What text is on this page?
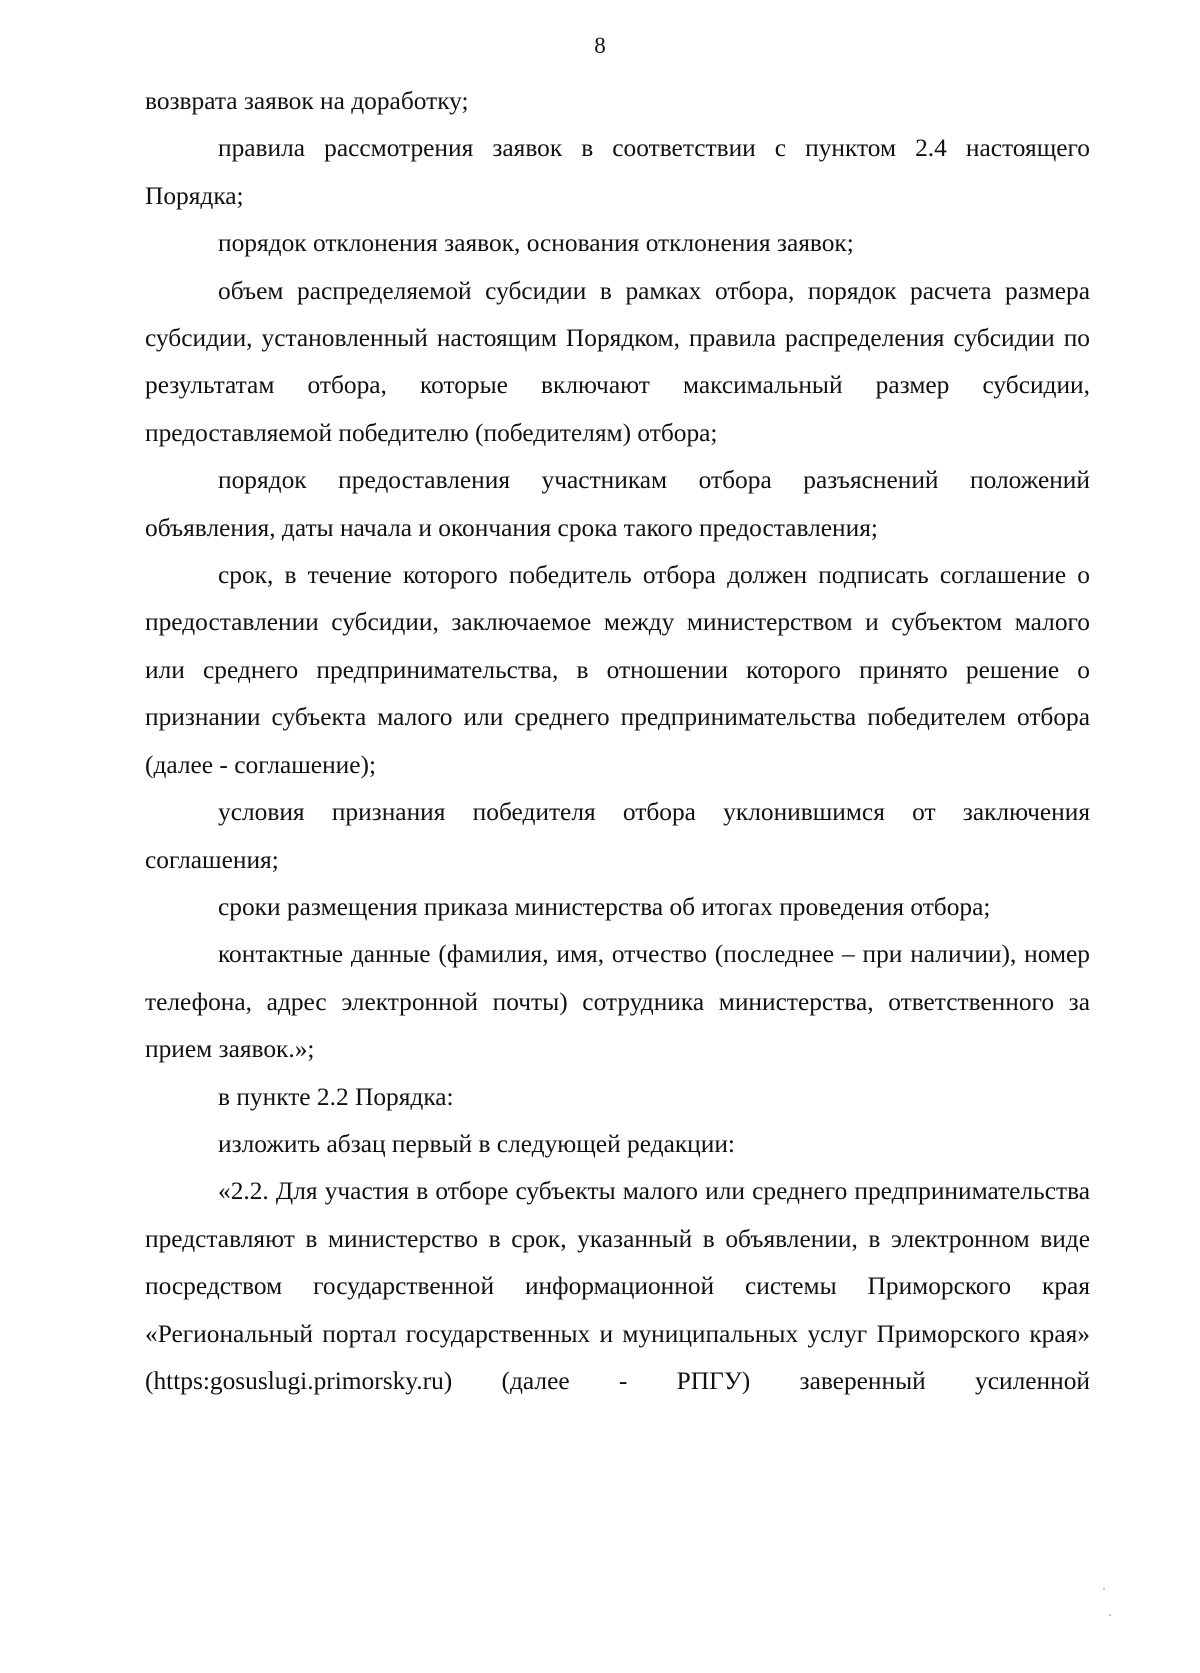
8

возврата заявок на доработку;

правила рассмотрения заявок в соответствии с пунктом 2.4 настоящего Порядка;

порядок отклонения заявок, основания отклонения заявок;

объем распределяемой субсидии в рамках отбора, порядок расчета размера субсидии, установленный настоящим Порядком, правила распределения субсидии по результатам отбора, которые включают максимальный размер субсидии, предоставляемой победителю (победителям) отбора;

порядок предоставления участникам отбора разъяснений положений объявления, даты начала и окончания срока такого предоставления;

срок, в течение которого победитель отбора должен подписать соглашение о предоставлении субсидии, заключаемое между министерством и субъектом малого или среднего предпринимательства, в отношении которого принято решение о признании субъекта малого или среднего предпринимательства победителем отбора (далее - соглашение);

условия признания победителя отбора уклонившимся от заключения соглашения;

сроки размещения приказа министерства об итогах проведения отбора;

контактные данные (фамилия, имя, отчество (последнее – при наличии), номер телефона, адрес электронной почты) сотрудника министерства, ответственного за прием заявок.»;

в пункте 2.2 Порядка:

изложить абзац первый в следующей редакции:

«2.2. Для участия в отборе субъекты малого или среднего предпринимательства представляют в министерство в срок, указанный в объявлении, в электронном виде посредством государственной информационной системы Приморского края «Региональный портал государственных и муниципальных услуг Приморского края» (https:gosuslugi.primorsky.ru) (далее - РПГУ) заверенный усиленной
